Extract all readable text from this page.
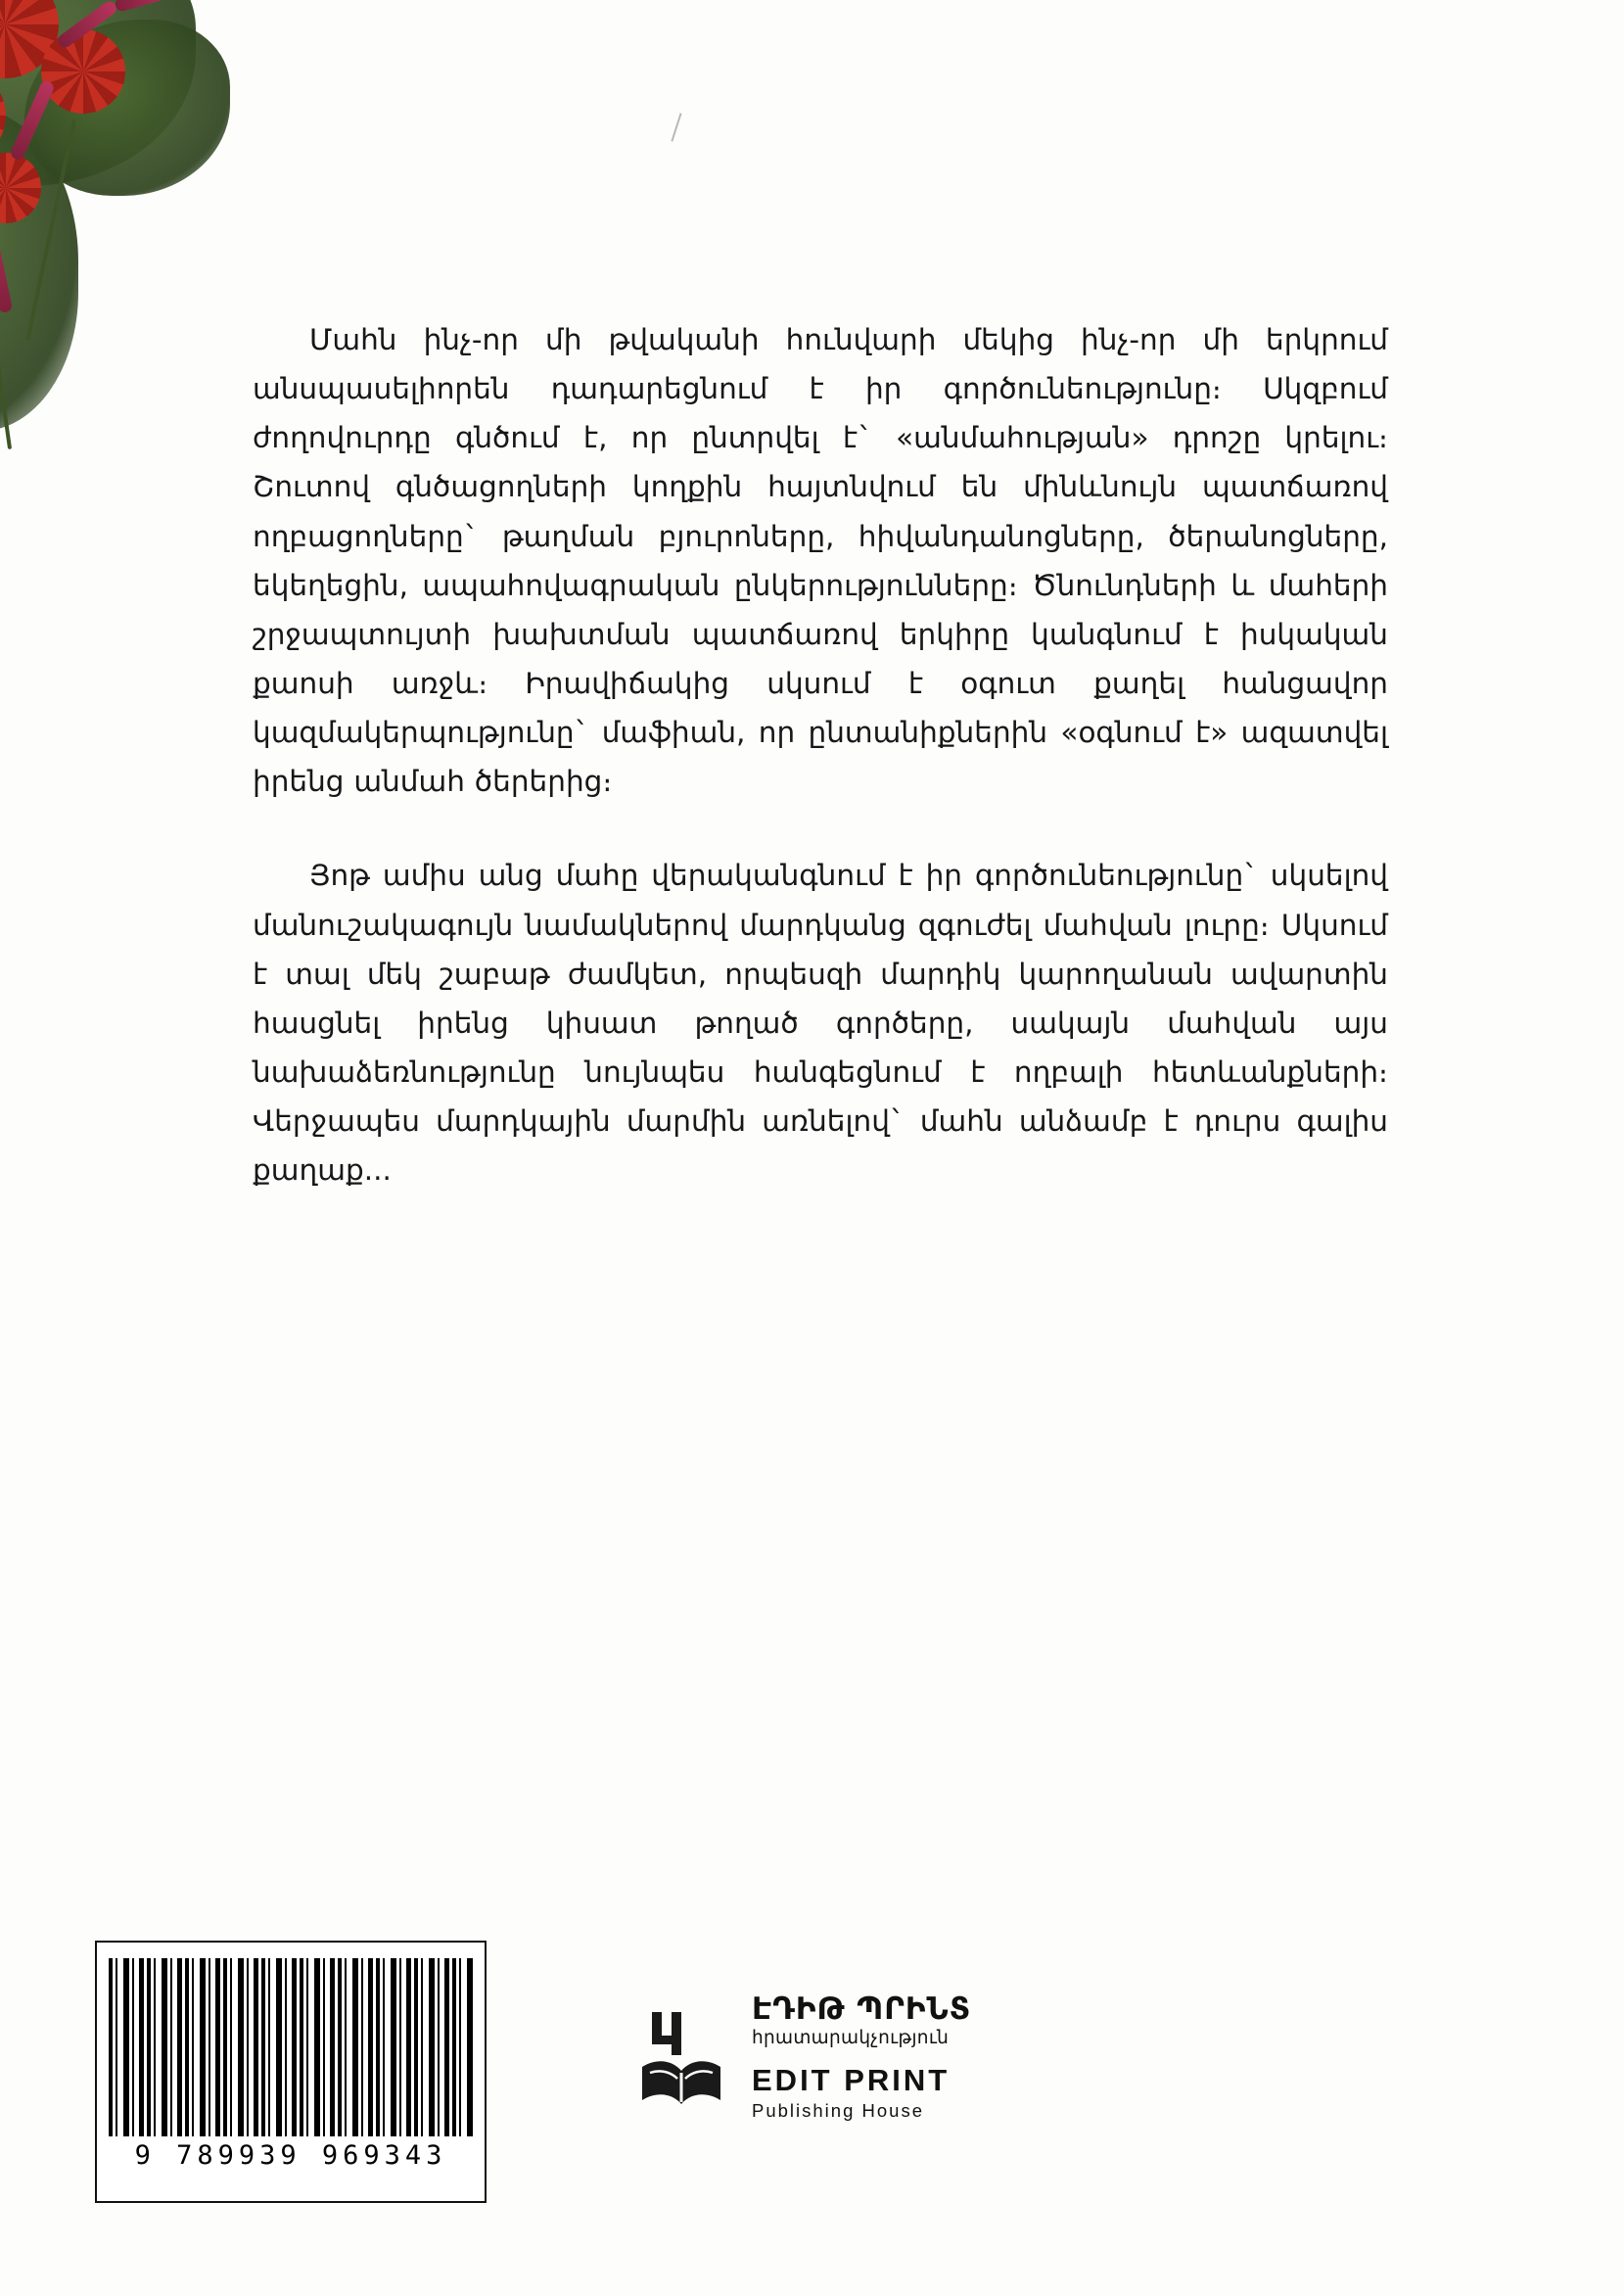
Մահն ինչ-որ մի թվականի հունվարի մեկից ինչ-որ մի երկրում անսպասելիորեն դադարեցնում է իր գործունեությունը։ Սկզբում ժողովուրդը գնծում է, որ ընտրվել է` «անմահության» դրոշը կրելու։ Շուտով գնծացողների կողքին հայտնվում են մինևնույն պատճառով ողբացողները` թաղման բյուրոները, հիվանդանոցները, ծերանոցները, եկեղեցին, ապահովագրական ընկերությունները։ Ծնունդների և մահերի շրջապտույտի խախտման պատճառով երկիրը կանգնում է իսկական քաոսի առջև։ Իրավիճակից սկսում է օգուտ քաղել հանցավոր կազմակերպությունը` մաֆիան, որ ընտանիքներին «օգնում է» ազատվել իրենց անմահ ծերերից։

Յոթ ամիս անց մահը վերականգնում է իր գործունեությունը` սկսելով մանուշակագույն նամակներով մարդկանց զգուժել մահվան լուրը։ Սկսում է տալ մեկ շաբաթ ժամկետ, որպեսզի մարդիկ կարողանան ավարտին հասցնել իրենց կիսատ թողած գործերը, սակայն մահվան այս նախաձեռնությունը նույնպես հանգեցնում է ողբալի հետևանքների։ Վերջապես մարդկային մարմին առնելով` մահն անձամբ է դուրս գալիս քաղաք...

9 789939 969343
ԷԴԻԹ ՊՐԻՆՏ
հրատարակչություն
EDIT PRINT
Publishing House
